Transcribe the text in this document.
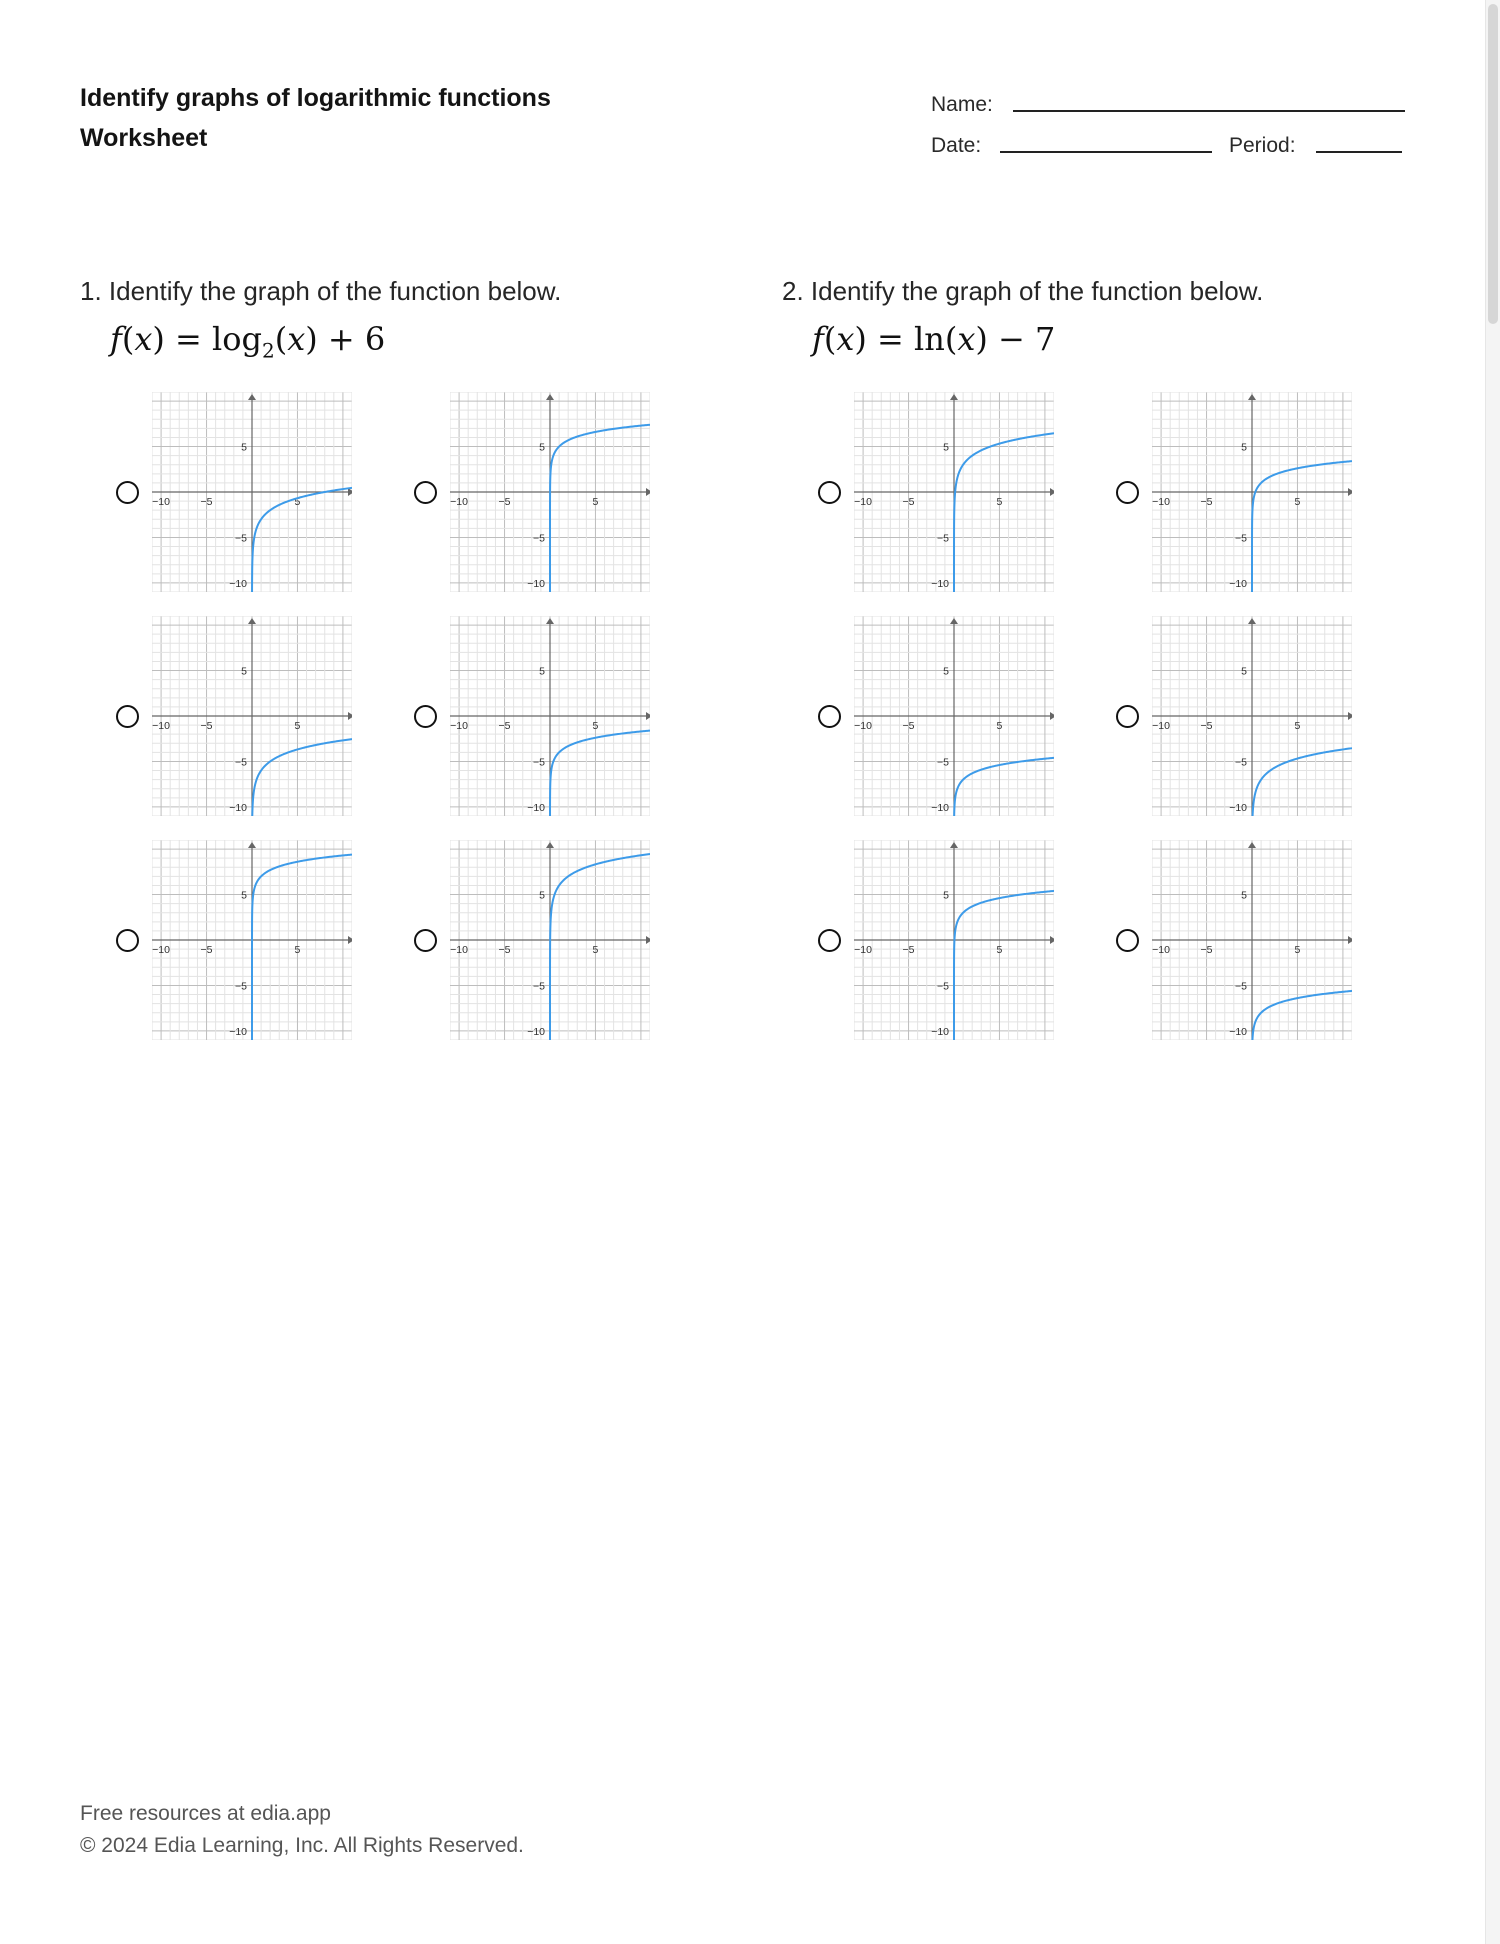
Identify graphs of logarithmic functions
Worksheet
Name:
Date:	Period:
1. Identify the graph of the function below.
$f(x) = \log_2(x) + 6$
2. Identify the graph of the function below.
f(x) = ln(x) − 7
−10	−5	5
5
−5
−10
−10	−5	5
5
−5
−10
−10	−5	5
5
−5
−10
−10	−5	5
5
−5
−10
−10	−5	5
5
−5
−10
−10	−5	5
5
−5
−10
−10	−5	5
5
−5
−10
−10	−5	5
5
−5
−10
−10	−5	5
5
−5
−10
−10	−5	5
5
−5
−10
−10	−5	5
5
−5
−10
−10	−5	5
5
−5
−10
Free resources at edia.app
© 2024 Edia Learning, Inc. All Rights Reserved.
